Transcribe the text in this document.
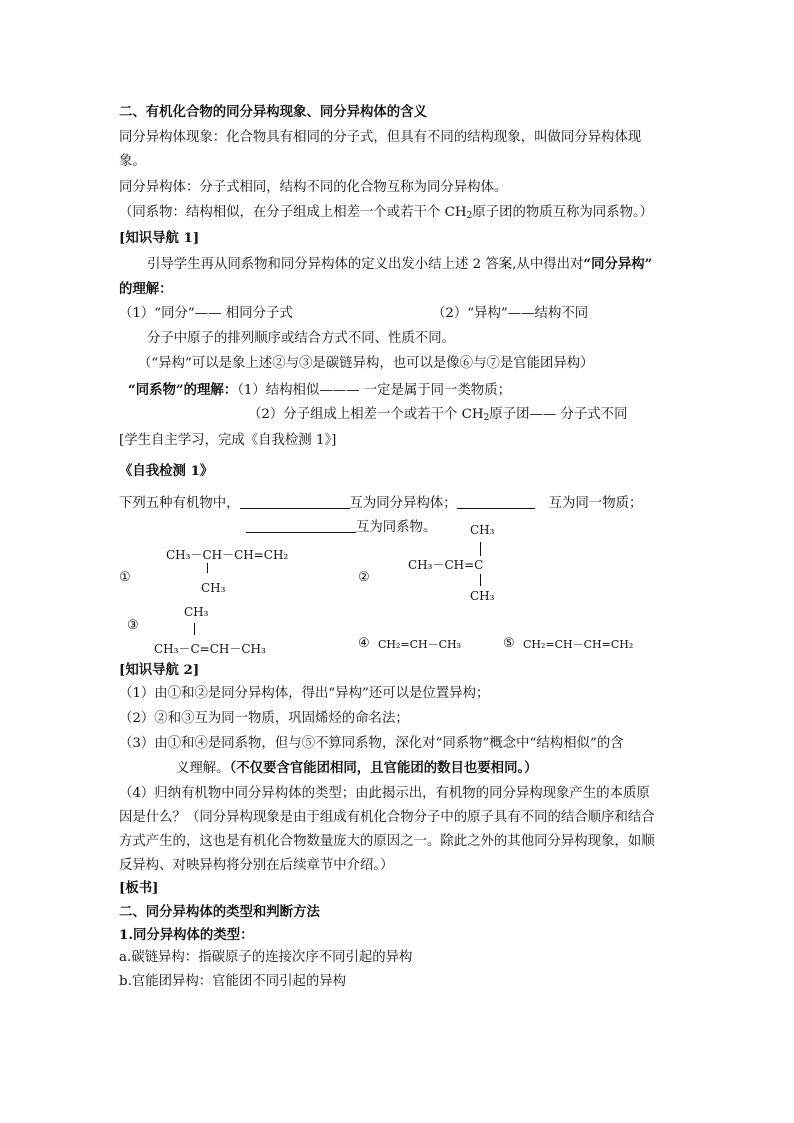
二、有机化合物的同分异构现象、同分异构体的含义
同分异构体现象：化合物具有相同的分子式，但具有不同的结构现象，叫做同分异构体现
象。
同分异构体：分子式相同，结构不同的化合物互称为同分异构体。
（同系物：结构相似，在分子组成上相差一个或若干个 $CH_2$原子团的物质互称为同系物。）
[知识导航 1]
引导学生再从同系物和同分异构体的定义出发小结上述 2 答案,从中得出对“同分异构”
的理解：
（1）“同分”—— 相同分子式	（2）“异构”——结构不同
分子中原子的排列顺序或结合方式不同、性质不同。
（“异构”可以是象上述②与③是碳链异构，也可以是像⑥与⑦是官能团异构）
“同系物”的理解：（1）结构相似——— 一定是属于同一类物质；
（2）分子组成上相差一个或若干个 $CH_2$原子团—— 分子式不同
[学生自主学习，完成《自我检测 1》]
《自我检测 1》
下列五种有机物中，	互为同分异构体；	互为同一物质；
互为同系物。
①
CH₃－CH－CH=CH₂
CH₃
②
CH₃
CH₃－CH=C
CH₃
③
CH₃
CH₃－C=CH－CH₃	④ CH₂=CH－CH₃	⑤ CH₂=CH－CH=CH₂
[知识导航 2]
（1）由①和②是同分异构体，得出“异构”还可以是位置异构；
（2）②和③互为同一物质，巩固烯烃的命名法；
（3）由①和④是同系物，但与⑤不算同系物，深化对“同系物”概念中“结构相似”的含
义理解。（不仅要含官能团相同，且官能团的数目也要相同。）
（4）归纳有机物中同分异构体的类型；由此揭示出，有机物的同分异构现象产生的本质原
因是什么？（同分异构现象是由于组成有机化合物分子中的原子具有不同的结合顺序和结合
方式产生的，这也是有机化合物数量庞大的原因之一。除此之外的其他同分异构现象，如顺
反异构、对映异构将分别在后续章节中介绍。）
[板书]
二、同分异构体的类型和判断方法
1.同分异构体的类型：
a.碳链异构：指碳原子的连接次序不同引起的异构
b.官能团异构：官能团不同引起的异构
